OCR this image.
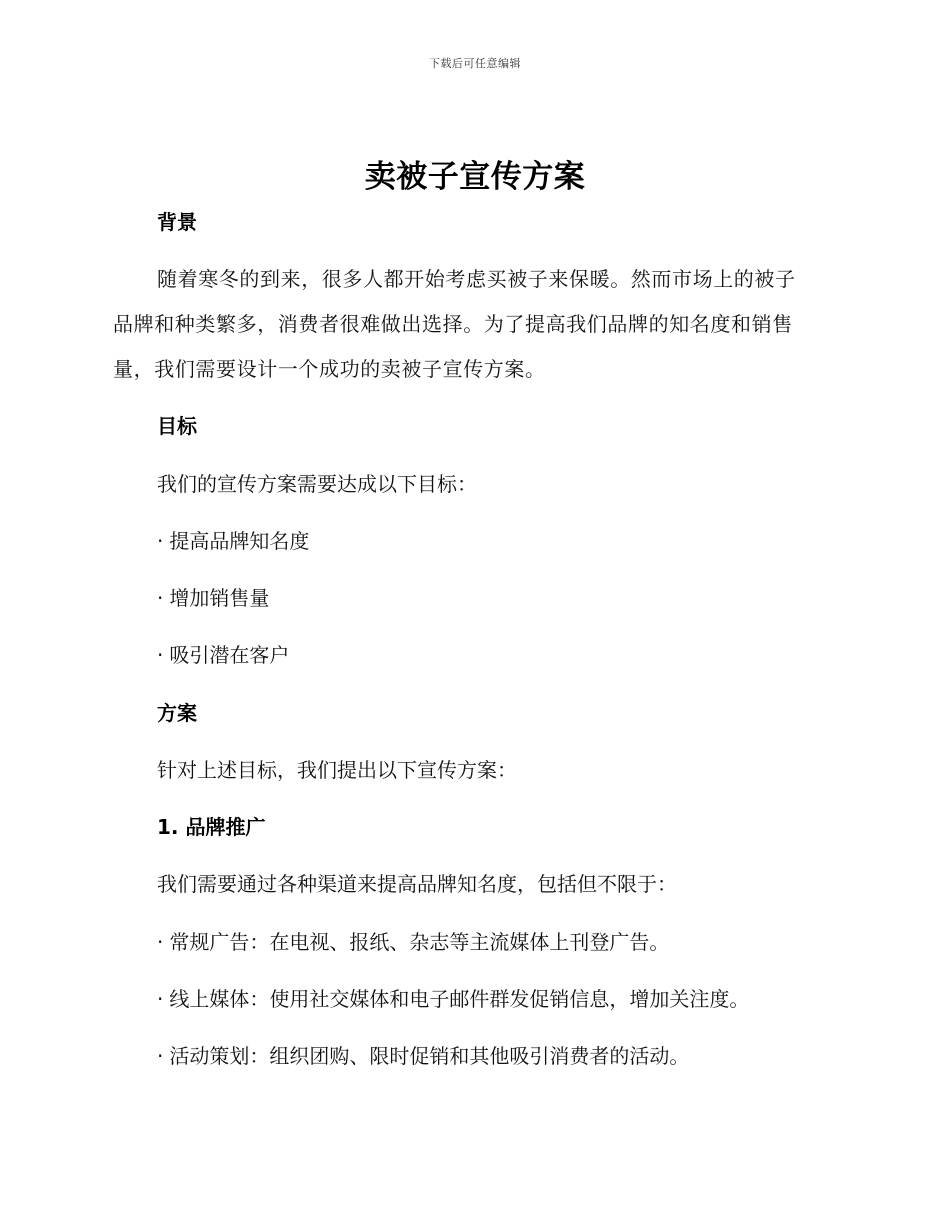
下载后可任意编辑
卖被子宣传方案
背景
随着寒冬的到来，很多人都开始考虑买被子来保暖。然而市场上的被子
品牌和种类繁多，消费者很难做出选择。为了提高我们品牌的知名度和销售
量，我们需要设计一个成功的卖被子宣传方案。
目标
我们的宣传方案需要达成以下目标：
· 提高品牌知名度
· 增加销售量
· 吸引潜在客户
方案
针对上述目标，我们提出以下宣传方案：
1. 品牌推广
我们需要通过各种渠道来提高品牌知名度，包括但不限于：
· 常规广告：在电视、报纸、杂志等主流媒体上刊登广告。
· 线上媒体：使用社交媒体和电子邮件群发促销信息，增加关注度。
· 活动策划：组织团购、限时促销和其他吸引消费者的活动。
